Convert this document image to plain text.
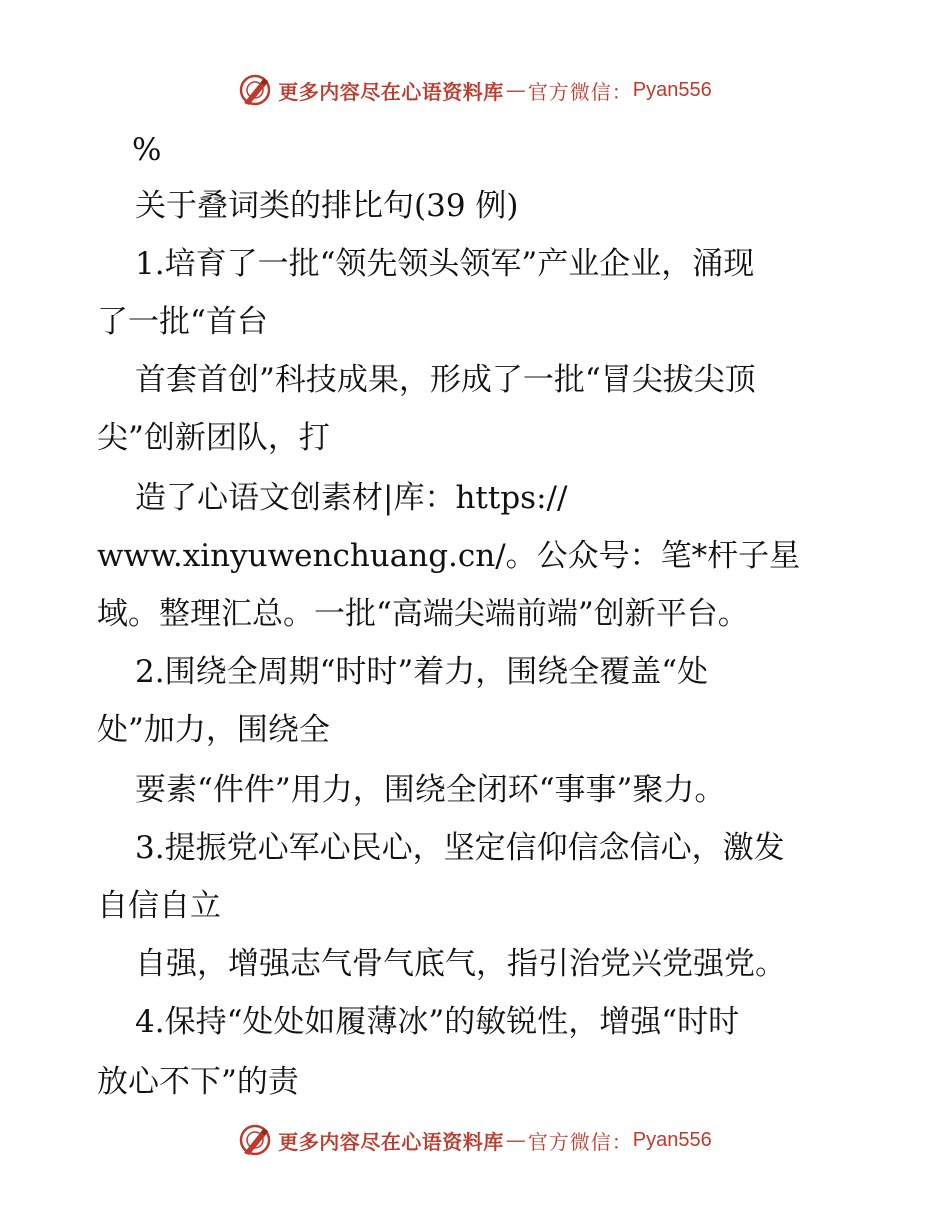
更多内容尽在心语资料库 — 官方微信： Pyan556
%
关于叠词类的排比句(39 例)
1.培育了一批“领先领头领军”产业企业，涌现
了一批“首台
首套首创”科技成果，形成了一批“冒尖拔尖顶
尖”创新团队，打
造了心语文创素材|库：https://
www.xinyuwenchuang.cn/。公众号：笔*杆子星
域。整理汇总。一批“高端尖端前端”创新平台。
2.围绕全周期“时时”着力，围绕全覆盖“处
处”加力，围绕全
要素“件件”用力，围绕全闭环“事事”聚力。
3.提振党心军心民心，坚定信仰信念信心，激发
自信自立
自强，增强志气骨气底气，指引治党兴党强党。
4.保持“处处如履薄冰”的敏锐性，增强“时时
放心不下”的责
更多内容尽在心语资料库 — 官方微信： Pyan556
